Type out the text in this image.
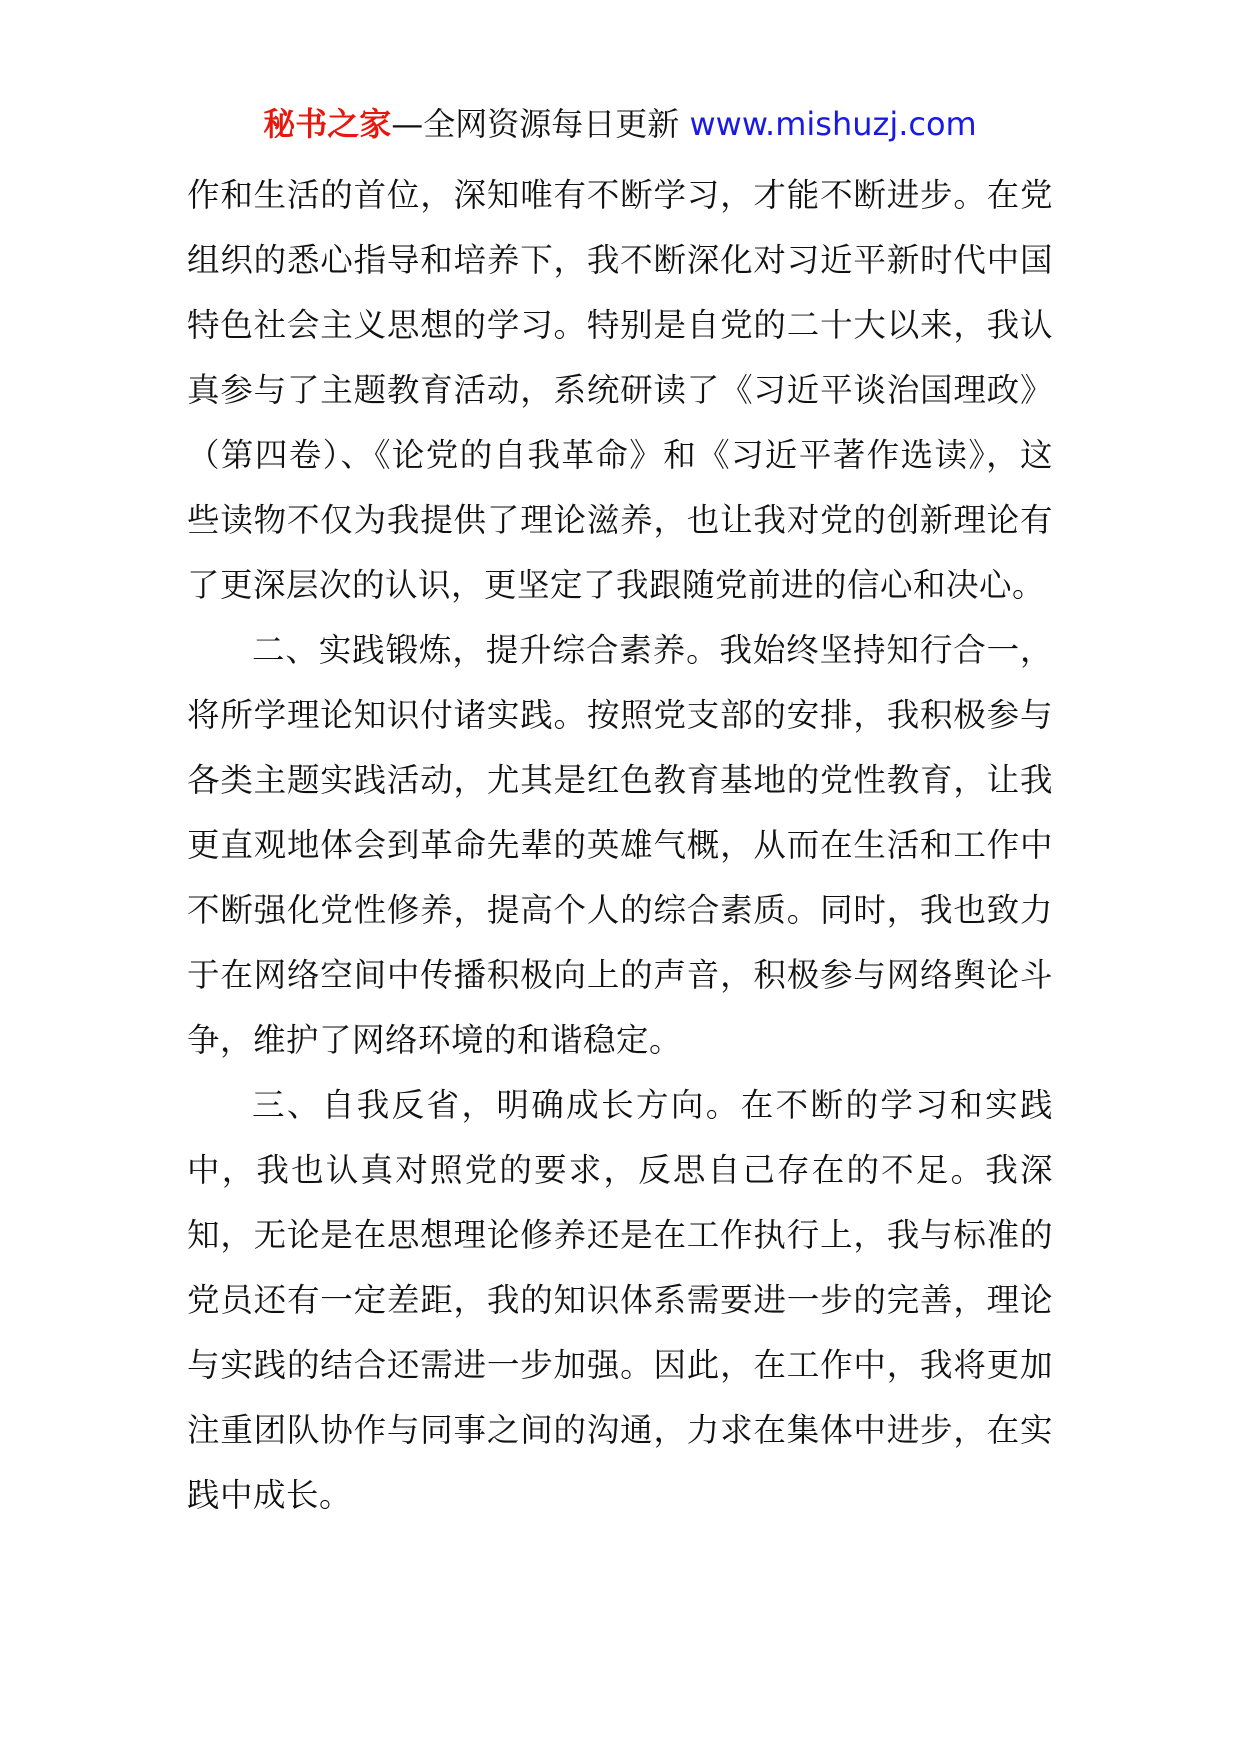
秘书之家—全网资源每日更新 www.mishuzj.com

作和生活的首位，深知唯有不断学习，才能不断进步。在党组织的悉心指导和培养下，我不断深化对习近平新时代中国特色社会主义思想的学习。特别是自党的二十大以来，我认真参与了主题教育活动，系统研读了《习近平谈治国理政》（第四卷）、《论党的自我革命》和《习近平著作选读》，这些读物不仅为我提供了理论滋养，也让我对党的创新理论有了更深层次的认识，更坚定了我跟随党前进的信心和决心。

二、实践锻炼，提升综合素养。我始终坚持知行合一，将所学理论知识付诸实践。按照党支部的安排，我积极参与各类主题实践活动，尤其是红色教育基地的党性教育，让我更直观地体会到革命先辈的英雄气概，从而在生活和工作中不断强化党性修养，提高个人的综合素质。同时，我也致力于在网络空间中传播积极向上的声音，积极参与网络舆论斗争，维护了网络环境的和谐稳定。

三、自我反省，明确成长方向。在不断的学习和实践中，我也认真对照党的要求，反思自己存在的不足。我深知，无论是在思想理论修养还是在工作执行上，我与标准的党员还有一定差距，我的知识体系需要进一步的完善，理论与实践的结合还需进一步加强。因此，在工作中，我将更加注重团队协作与同事之间的沟通，力求在集体中进步，在实践中成长。
